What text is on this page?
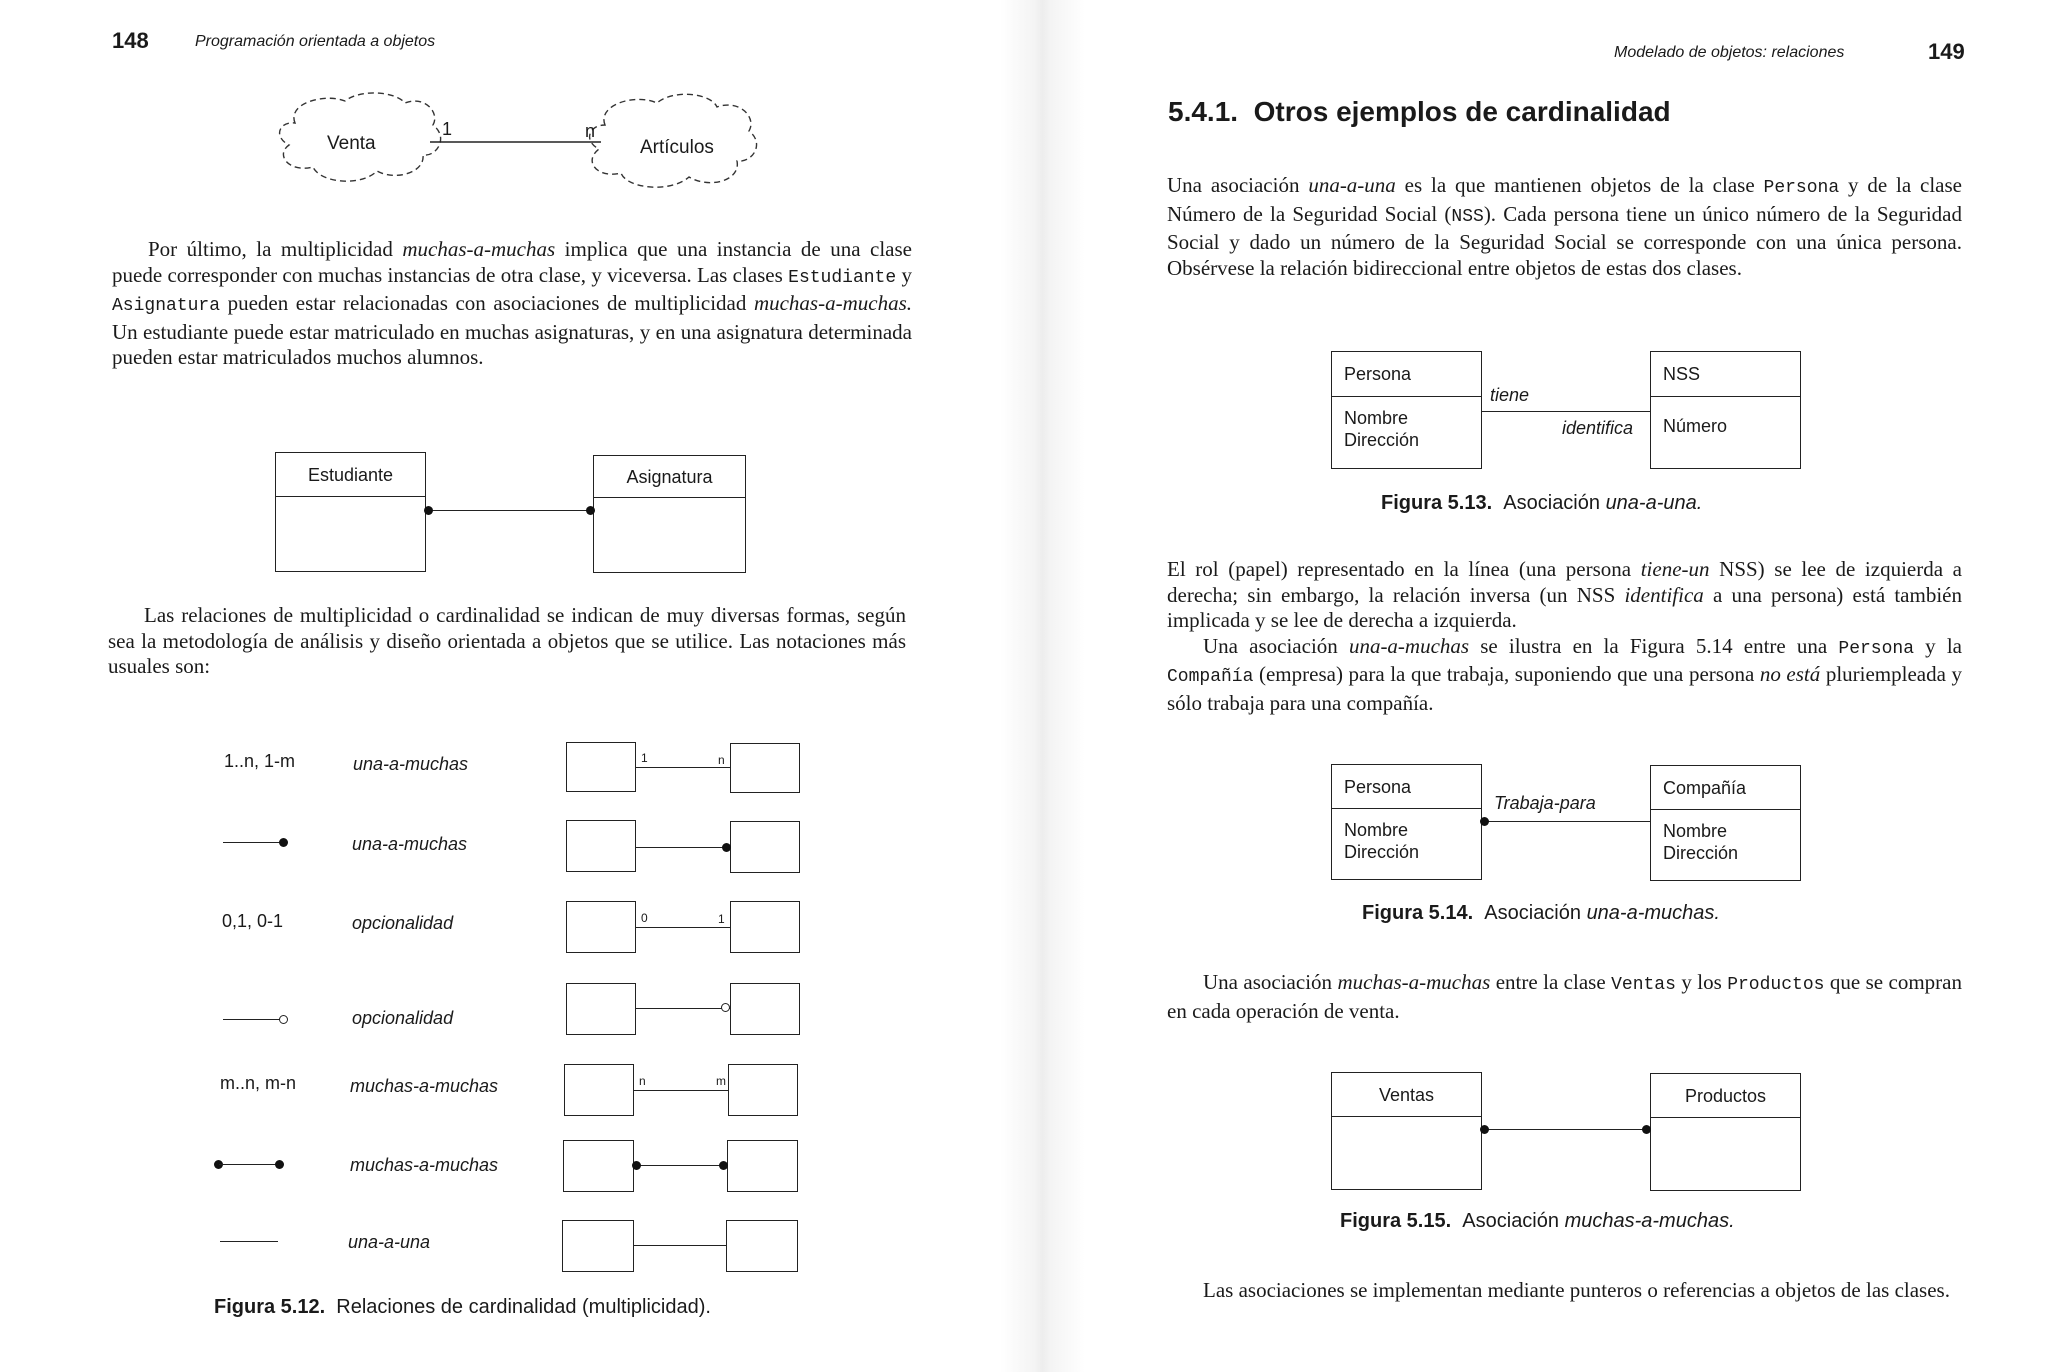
148	Programación orientada a objetos
Venta	Artículos
1	n

Por último, la multiplicidad muchas-a-muchas implica que una instancia de una clase puede corresponder con muchas instancias de otra clase, y viceversa. Las clases Estudiante y Asignatura pueden estar relacionadas con asociaciones de multiplicidad muchas-a-muchas. Un estudiante puede estar matriculado en muchas asignaturas, y en una asignatura determinada pueden estar matriculados muchos alumnos.

Estudiante	Asignatura

Las relaciones de multiplicidad o cardinalidad se indican de muy diversas formas, según sea la metodología de análisis y diseño orientada a objetos que se utilice. Las notaciones más usuales son:

1..n, 1-m	una-a-muchas	1	n
una-a-muchas
0,1, 0-1	opcionalidad	0	1
opcionalidad
m..n, m-n	muchas-a-muchas	n	m
muchas-a-muchas
una-a-una
Figura 5.12. Relaciones de cardinalidad (multiplicidad).
Modelado de objetos: relaciones	149
5.4.1.  Otros ejemplos de cardinalidad

Una asociación una-a-una es la que mantienen objetos de la clase Persona y de la clase Número de la Seguridad Social (NSS). Cada persona tiene un único número de la Seguridad Social y dado un número de la Seguridad Social se corresponde con una única persona. Obsérvese la relación bidireccional entre objetos de estas dos clases.

Persona
Nombre
Dirección
NSS
Número
tiene
identifica
Figura 5.13. Asociación una-a-una.

El rol (papel) representado en la línea (una persona tiene-un NSS) se lee de izquierda a derecha; sin embargo, la relación inversa (un NSS identifica a una persona) está también implicada y se lee de derecha a izquierda.

Una asociación una-a-muchas se ilustra en la Figura 5.14 entre una Persona y la Compañía (empresa) para la que trabaja, suponiendo que una persona no está pluriempleada y sólo trabaja para una compañía.

Persona
Nombre
Dirección
Compañía
Nombre
Dirección
Trabaja-para
Figura 5.14. Asociación una-a-muchas.

Una asociación muchas-a-muchas entre la clase Ventas y los Productos que se compran en cada operación de venta.

Ventas	Productos
Figura 5.15. Asociación muchas-a-muchas.

Las asociaciones se implementan mediante punteros o referencias a objetos de las clases.
